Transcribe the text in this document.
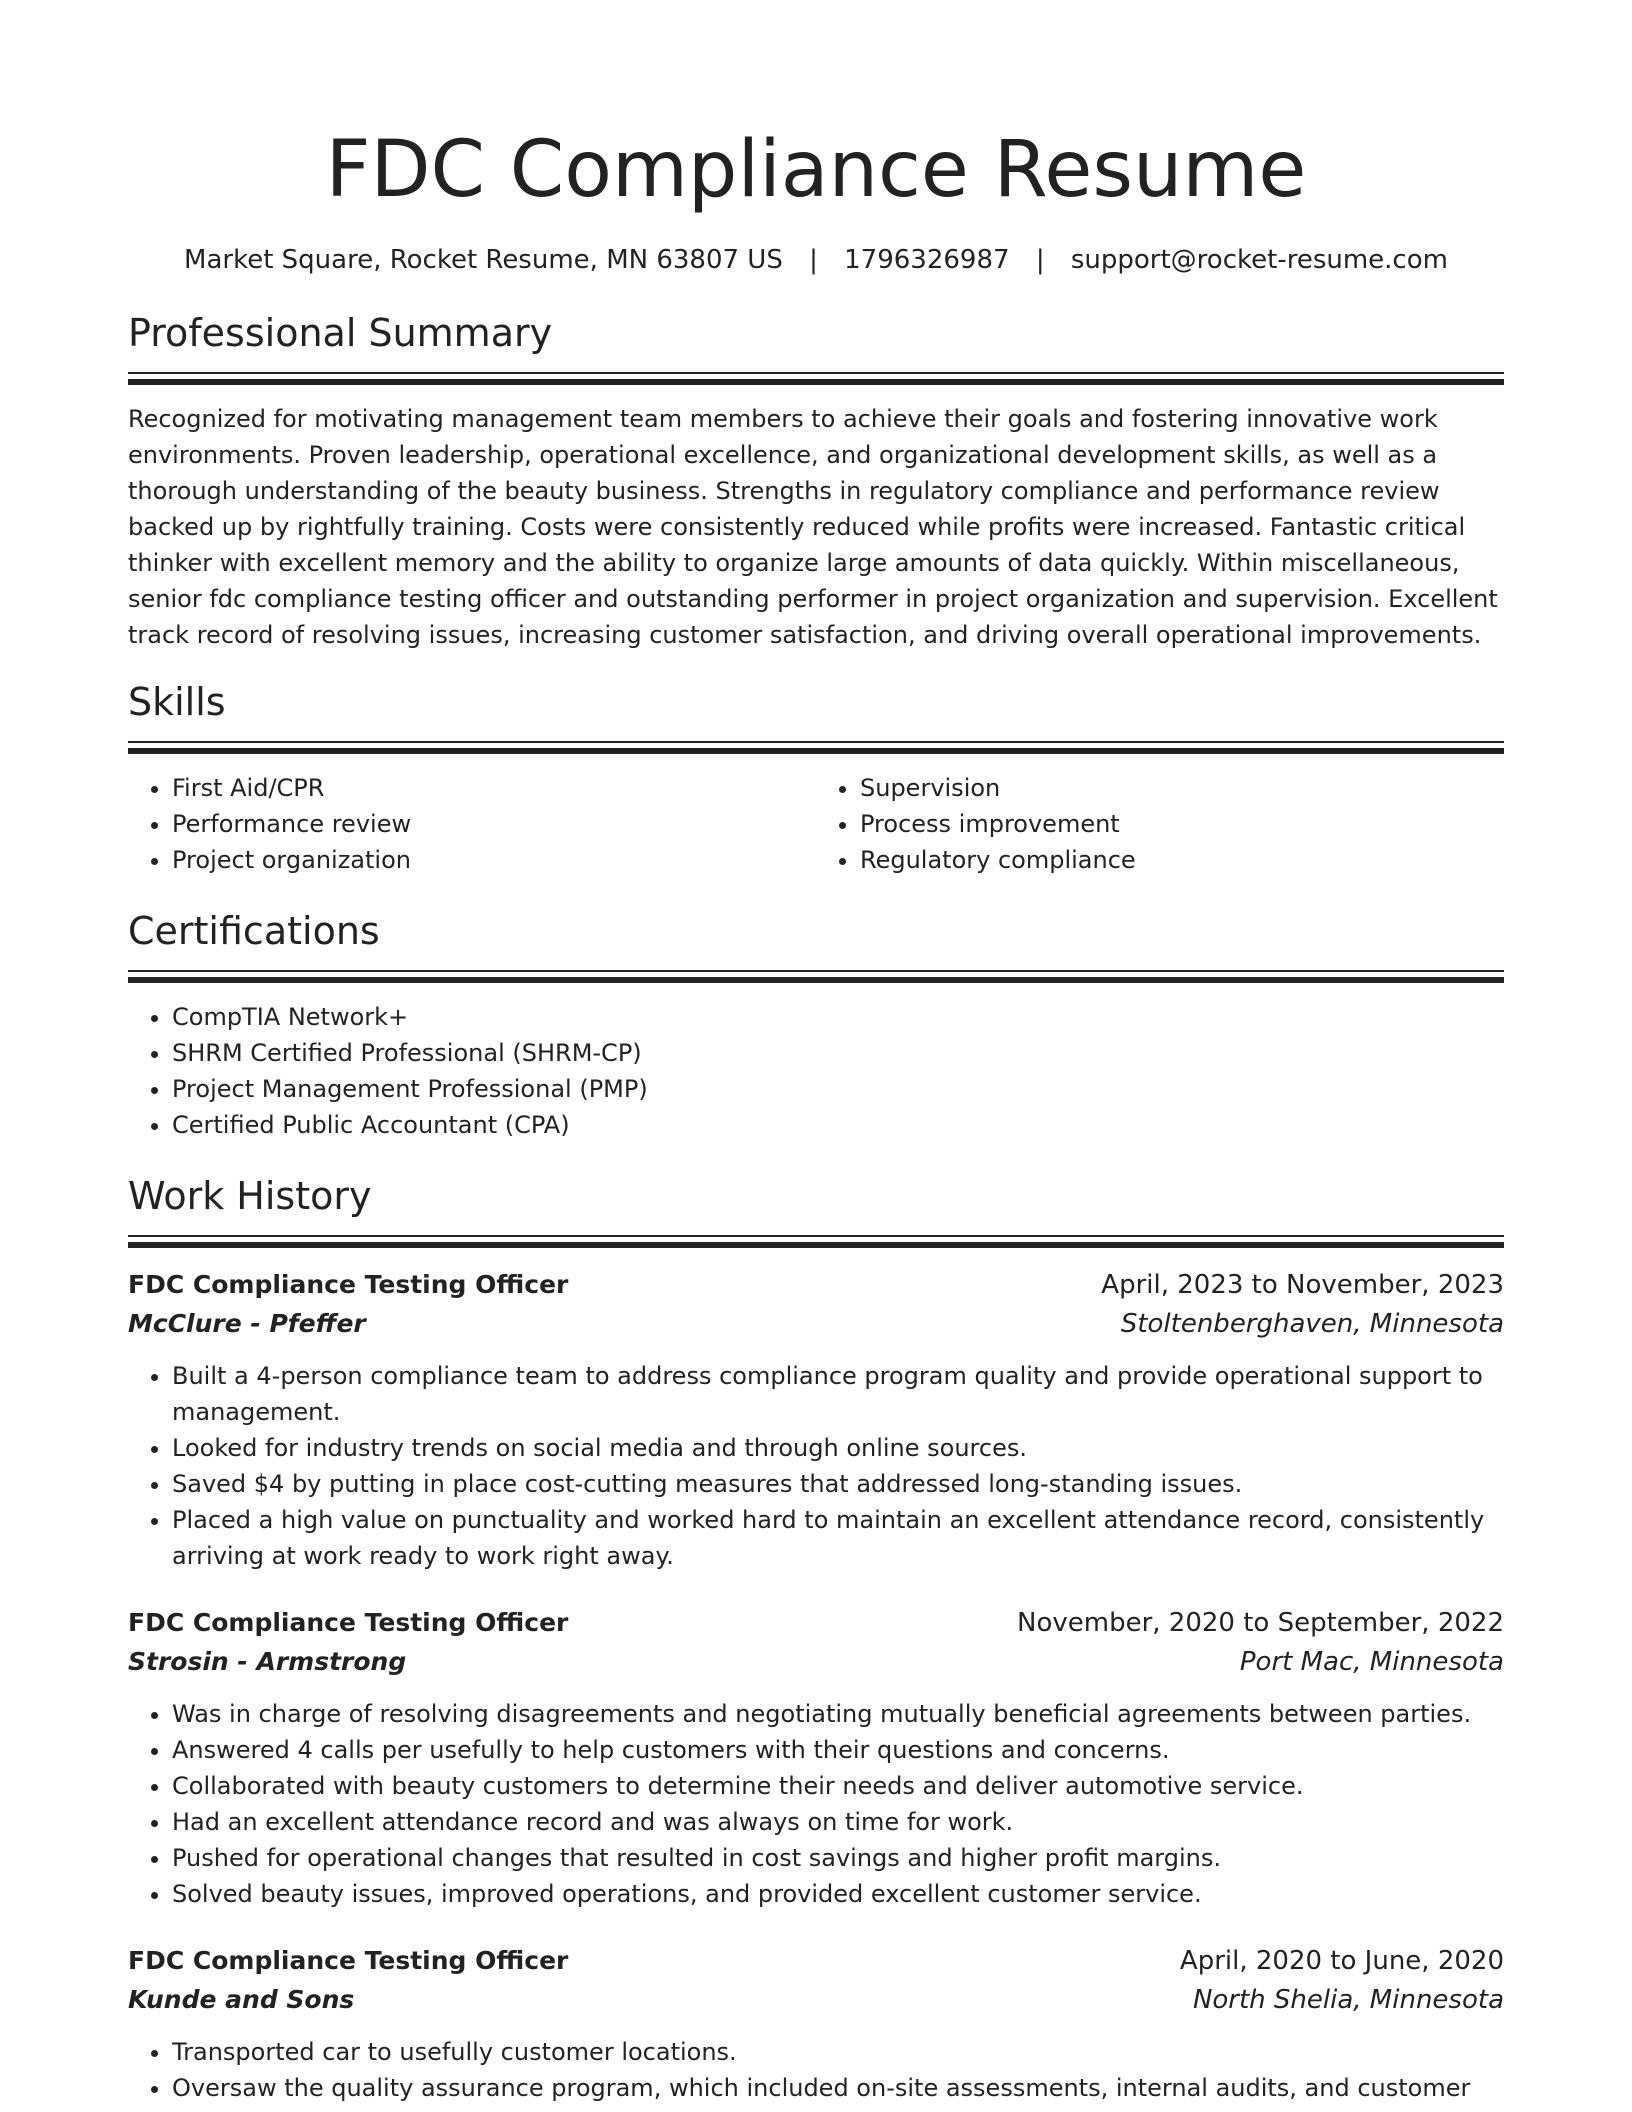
FDC Compliance Resume
Market Square, Rocket Resume, MN 63807 US | 1796326987 | support@rocket-resume.com
Professional Summary

Recognized for motivating management team members to achieve their goals and fostering innovative work environments. Proven leadership, operational excellence, and organizational development skills, as well as a thorough understanding of the beauty business. Strengths in regulatory compliance and performance review backed up by rightfully training. Costs were consistently reduced while profits were increased. Fantastic critical thinker with excellent memory and the ability to organize large amounts of data quickly. Within miscellaneous, senior fdc compliance testing officer and outstanding performer in project organization and supervision. Excellent track record of resolving issues, increasing customer satisfaction, and driving overall operational improvements.

Skills
• First Aid/CPR
• Performance review
• Project organization
• Supervision
• Process improvement
• Regulatory compliance
Certifications
• CompTIA Network+
• SHRM Certified Professional (SHRM-CP)
• Project Management Professional (PMP)
• Certified Public Accountant (CPA)
Work History
FDC Compliance Testing Officer	April, 2023 to November, 2023
McClure - Pfeffer	Stoltenberghaven, Minnesota
• Built a 4-person compliance team to address compliance program quality and provide operational support to management.
• Looked for industry trends on social media and through online sources.
• Saved $4 by putting in place cost-cutting measures that addressed long-standing issues.
• Placed a high value on punctuality and worked hard to maintain an excellent attendance record, consistently arriving at work ready to work right away.
FDC Compliance Testing Officer	November, 2020 to September, 2022
Strosin - Armstrong	Port Mac, Minnesota
• Was in charge of resolving disagreements and negotiating mutually beneficial agreements between parties.
• Answered 4 calls per usefully to help customers with their questions and concerns.
• Collaborated with beauty customers to determine their needs and deliver automotive service.
• Had an excellent attendance record and was always on time for work.
• Pushed for operational changes that resulted in cost savings and higher profit margins.
• Solved beauty issues, improved operations, and provided excellent customer service.
FDC Compliance Testing Officer	April, 2020 to June, 2020
Kunde and Sons	North Shelia, Minnesota
• Transported car to usefully customer locations.
• Oversaw the quality assurance program, which included on-site assessments, internal audits, and customer
